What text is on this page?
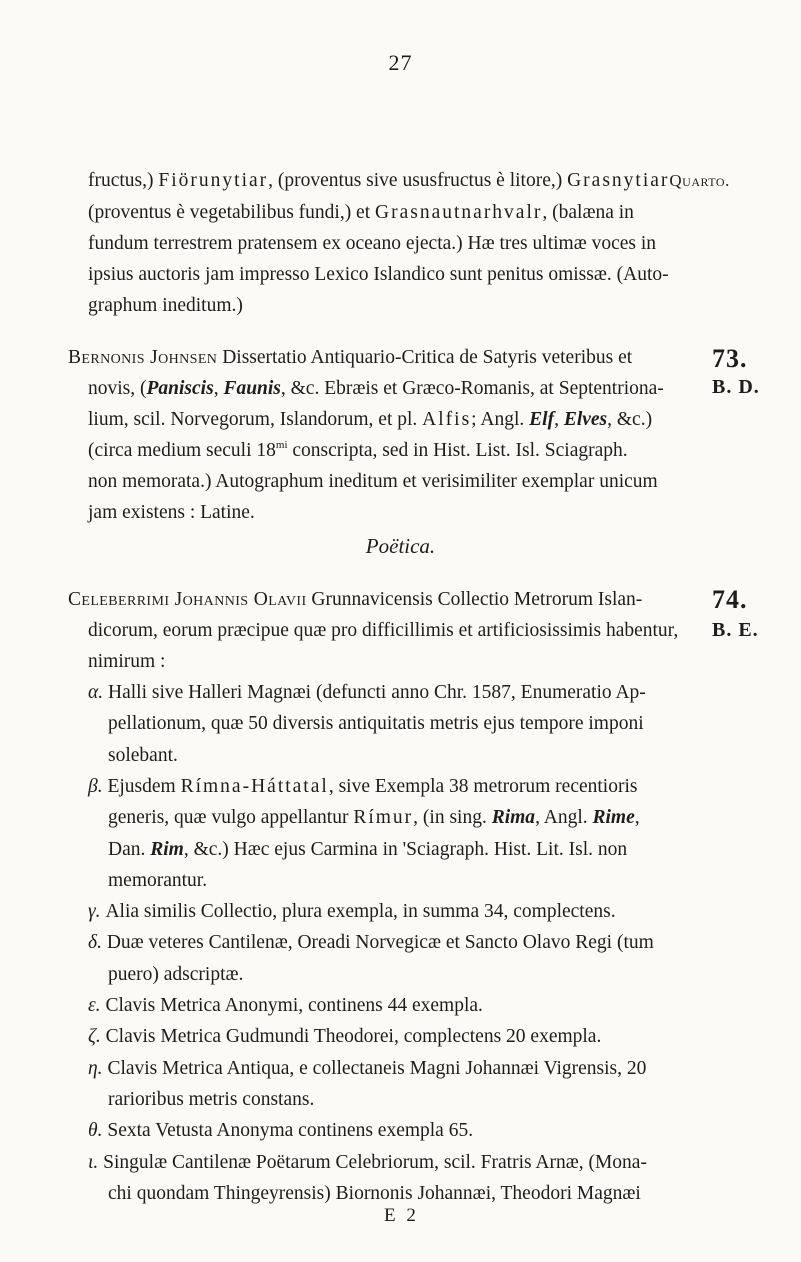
27
fructus,) Fiörunytiar, (proventus sive ususfructus è litore,) GrasnytiarQuarto.
(proventus è vegetabilibus fundi,) et Grasnautnarhvalr, (balæna in
fundum terrestrem pratensem ex oceano ejecta.) Hæ tres ultimæ voces in
ipsius auctoris jam impresso Lexico Islandico sunt penitus omissæ. (Auto-
graphum ineditum.)
73.
B. D.
Bernonis Johnsen Dissertatio Antiquario-Critica de Satyris veteribus et
novis, (Paniscis, Faunis, &c. Ebræis et Græco-Romanis, at Septentriona-
lium, scil. Norvegorum, Islandorum, et pl. Alfis; Angl. Elf, Elves, &c.)
(circa medium seculi $18^{mi}$ conscripta, sed in Hist. List. Isl. Sciagraph.
non memorata.) Autographum ineditum et verisimiliter exemplar unicum
jam existens : Latine.
Poëtica.
74.
B. E.
Celeberrimi Johannis Olavii Grunnavicensis Collectio Metrorum Islan-
dicorum, eorum præcipue quæ pro difficillimis et artificiosissimis habentur,
nimirum :
α. Halli sive Halleri Magnæi (defuncti anno Chr. 1587, Enumeratio Ap-
pellationum, quæ 50 diversis antiquitatis metris ejus tempore imponi
solebant.
β. Ejusdem Rímna-Háttatal, sive Exempla 38 metrorum recentioris
generis, quæ vulgo appellantur Rímur, (in sing. Rima, Angl. Rime,
Dan. Rim, &c.) Hæc ejus Carmina in 'Sciagraph. Hist. Lit. Isl. non
memorantur.
γ. Alia similis Collectio, plura exempla, in summa 34, complectens.
δ. Duæ veteres Cantilenæ, Oreadi Norvegicæ et Sancto Olavo Regi (tum
puero) adscriptæ.
ε. Clavis Metrica Anonymi, continens 44 exempla.
ζ. Clavis Metrica Gudmundi Theodorei, complectens 20 exempla.
η. Clavis Metrica Antiqua, e collectaneis Magni Johannæi Vigrensis, 20
rarioribus metris constans.
θ. Sexta Vetusta Anonyma continens exempla 65.
ι. Singulæ Cantilenæ Poëtarum Celebriorum, scil. Fratris Arnæ, (Mona-
chi quondam Thingeyrensis) Biornonis Johannæi, Theodori Magnæi
E 2
